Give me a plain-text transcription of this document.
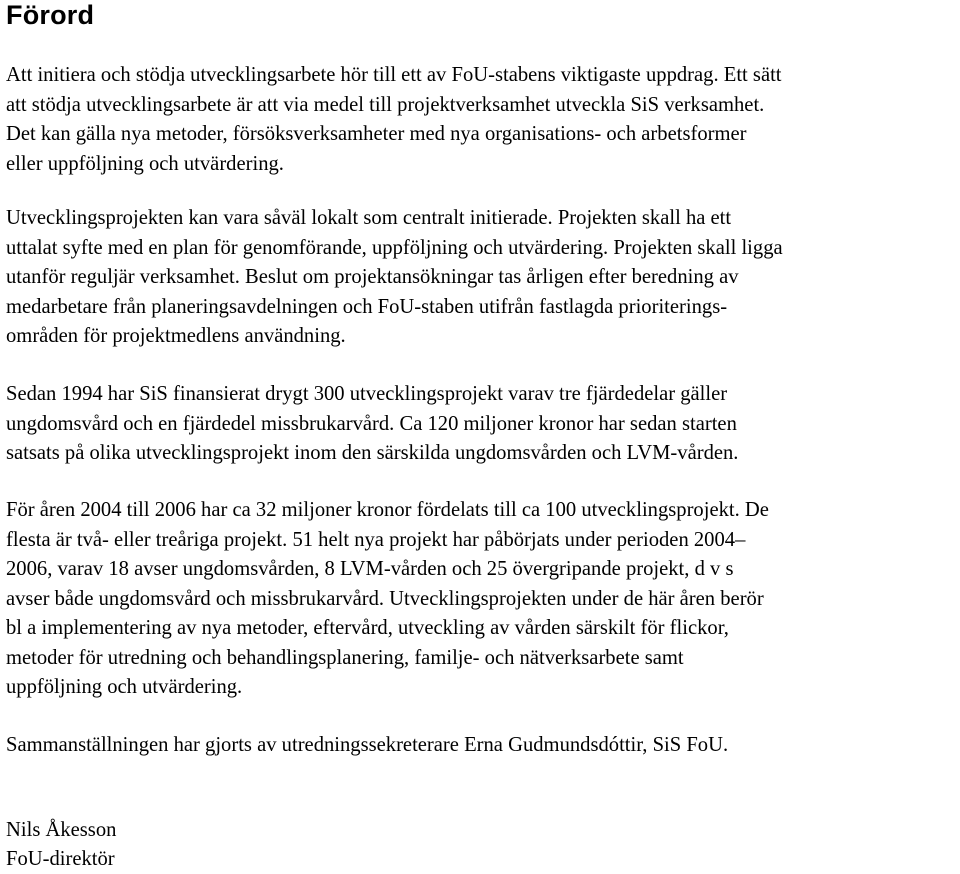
Förord

Att initiera och stödja utvecklingsarbete hör till ett av FoU-stabens viktigaste uppdrag. Ett sätt
att stödja utvecklingsarbete är att via medel till projektverksamhet utveckla SiS verksamhet.
Det kan gälla nya metoder, försöksverksamheter med nya organisations- och arbetsformer
eller uppföljning och utvärdering.

Utvecklingsprojekten kan vara såväl lokalt som centralt initierade. Projekten skall ha ett
uttalat syfte med en plan för genomförande, uppföljning och utvärdering. Projekten skall ligga
utanför reguljär verksamhet. Beslut om projektansökningar tas årligen efter beredning av
medarbetare från planeringsavdelningen och FoU-staben utifrån fastlagda prioriterings-
områden för projektmedlens användning.

Sedan 1994 har SiS finansierat drygt 300 utvecklingsprojekt varav tre fjärdedelar gäller
ungdomsvård och en fjärdedel missbrukarvård. Ca 120 miljoner kronor har sedan starten
satsats på olika utvecklingsprojekt inom den särskilda ungdomsvården och LVM-vården.

För åren 2004 till 2006 har ca 32 miljoner kronor fördelats till ca 100 utvecklingsprojekt. De
flesta är två- eller treåriga projekt. 51 helt nya projekt har påbörjats under perioden 2004–
2006, varav 18 avser ungdomsvården, 8 LVM-vården och 25 övergripande projekt, d v s
avser både ungdomsvård och missbrukarvård. Utvecklingsprojekten under de här åren berör
bl a implementering av nya metoder, eftervård, utveckling av vården särskilt för flickor,
metoder för utredning och behandlingsplanering, familje- och nätverksarbete samt
uppföljning och utvärdering.

Sammanställningen har gjorts av utredningssekreterare Erna Gudmundsdóttir, SiS FoU.

Nils Åkesson
FoU-direktör
